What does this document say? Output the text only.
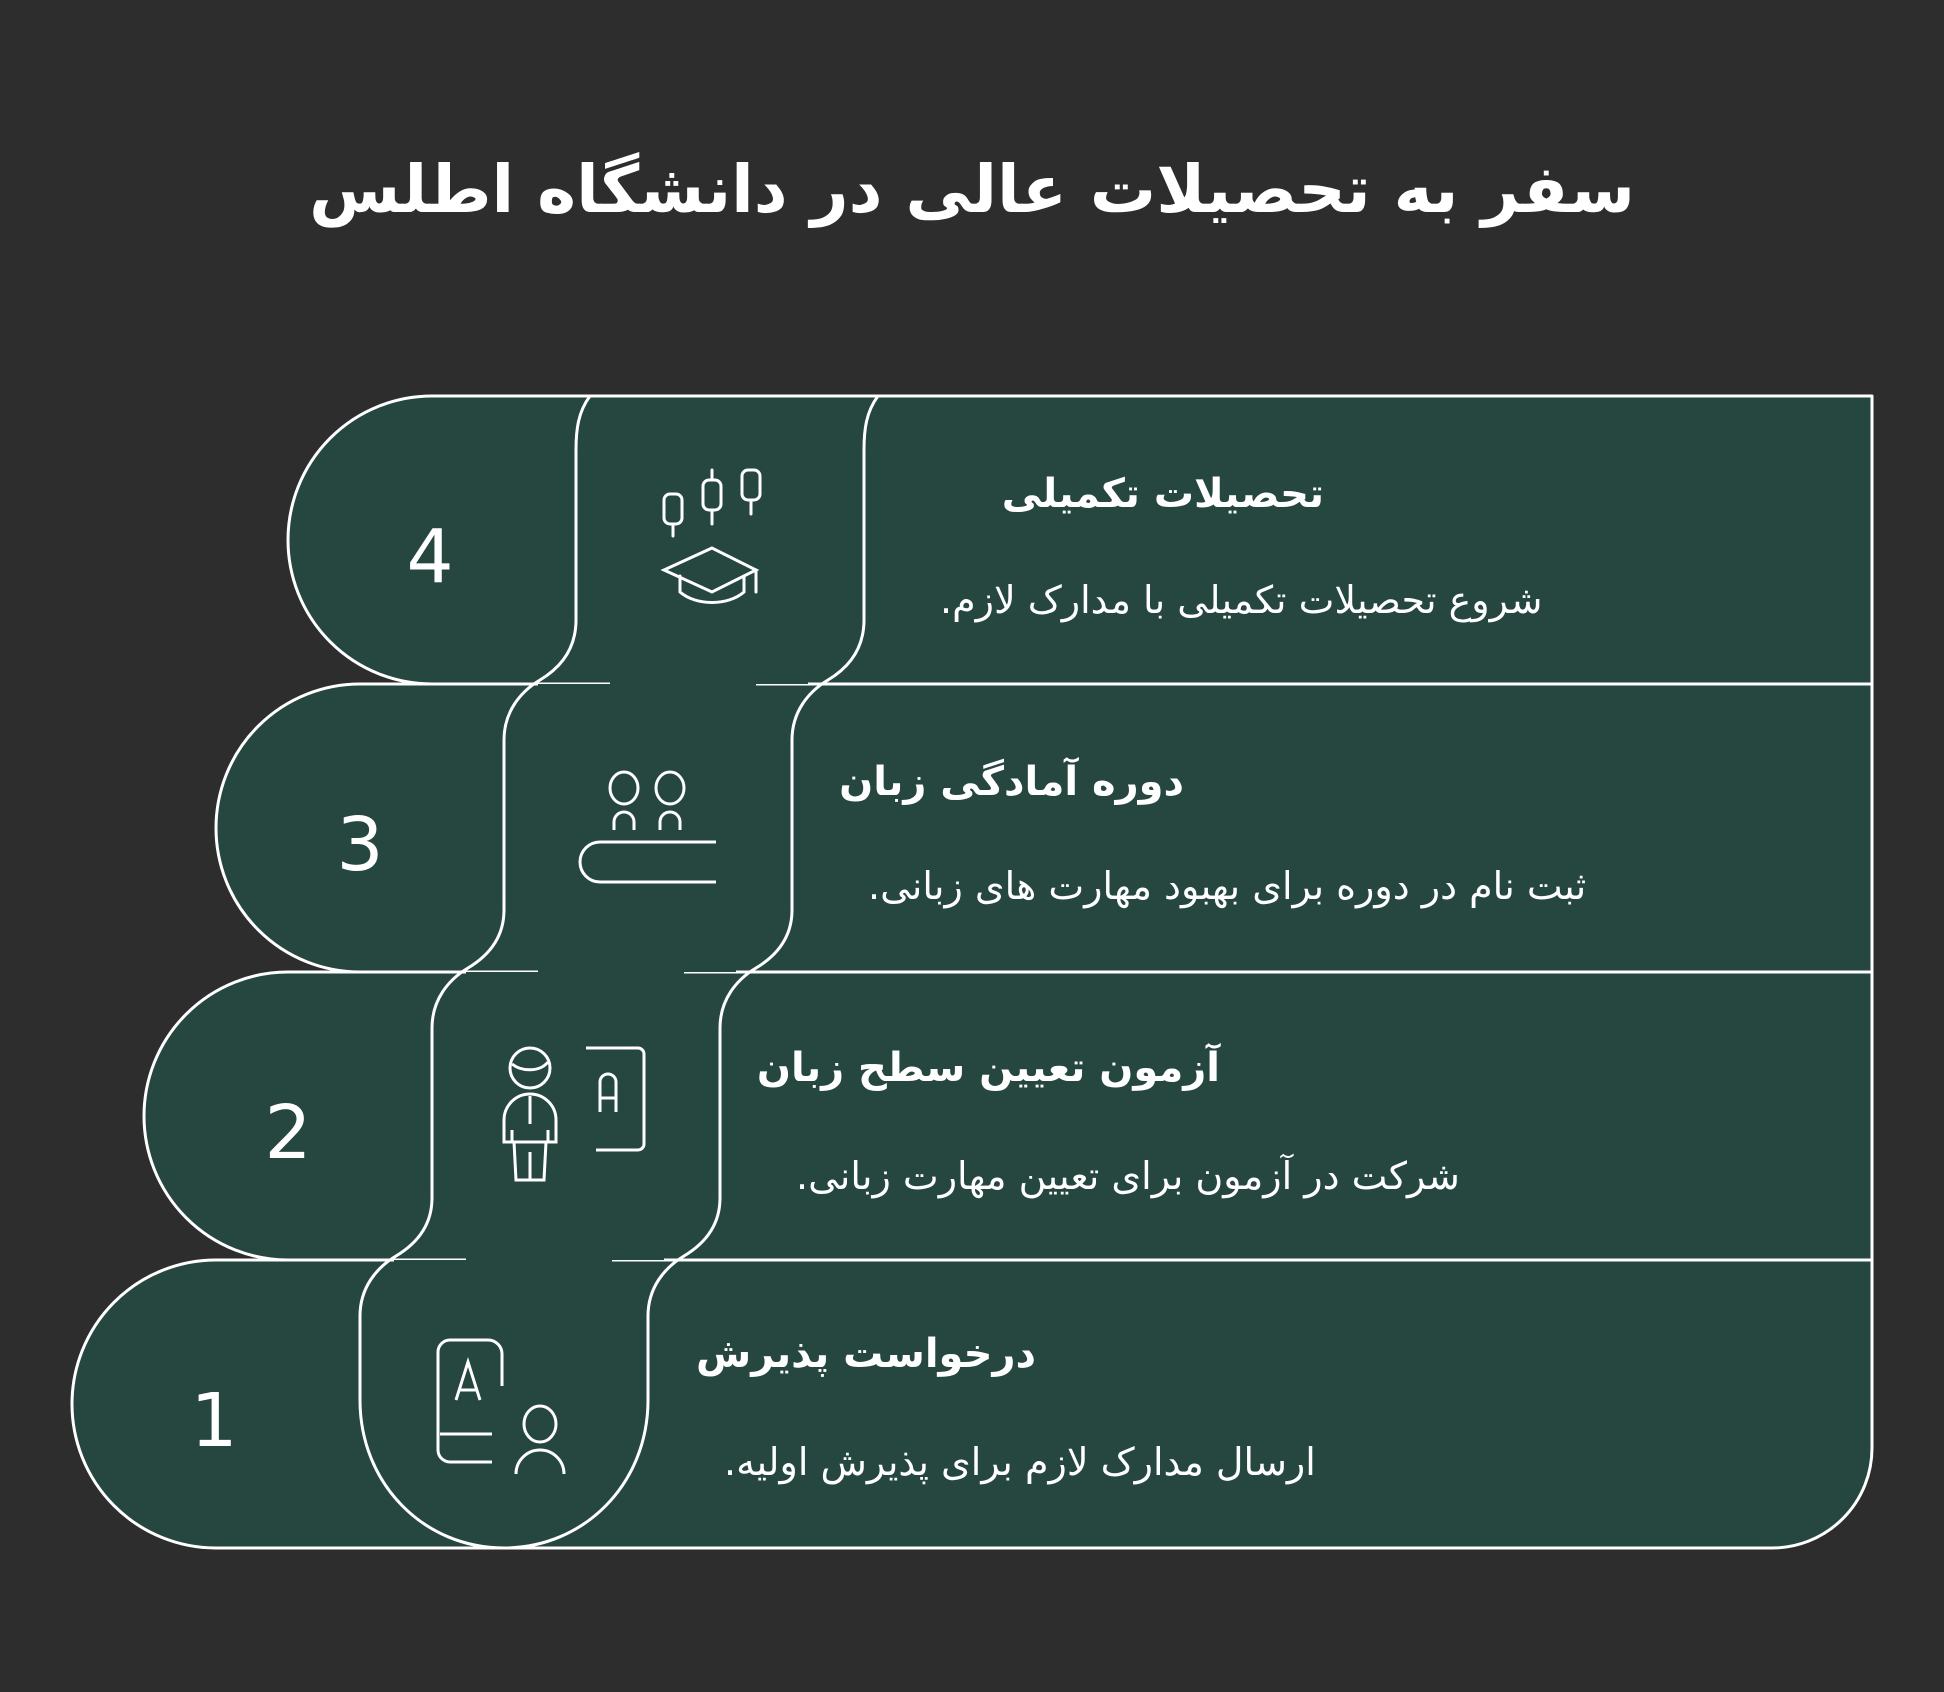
سفر به تحصیلات عالی در دانشگاه اطلس
4
تحصیلات تکمیلی
.شروع تحصیلات تکمیلی با مدارک لازم
3
دوره آمادگی زبان
.ثبت نام در دوره برای بهبود مهارت های زبانی
2
آزمون تعیین سطح زبان
.شرکت در آزمون برای تعیین مهارت زبانی
1
درخواست پذیرش
.ارسال مدارک لازم برای پذیرش اولیه
